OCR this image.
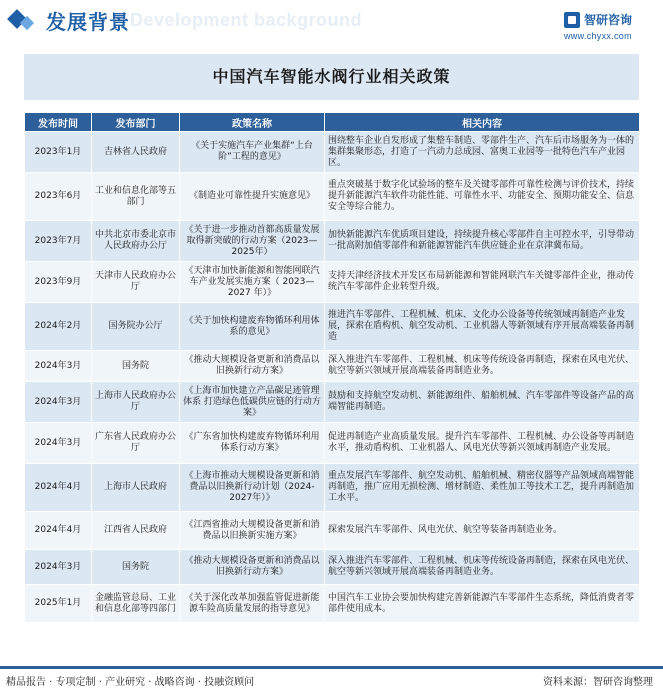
Development background
发展背景	智研咨询
www.chyxx.com
中国汽车智能水阀行业相关政策
发布时间	发布部门	政策名称	相关内容
2023年1月	吉林省人民政府	《关于实施汽车产业集群“上台阶”工程的意见》	围绕整车企业自发形成了集整车制造、零部件生产、汽车后市场服务为一体的集群集聚形态，打造了一汽动力总成园、富奥工业园等一批特色汽车产业园区。
2023年6月	工业和信息化部等五部门	《制造业可靠性提升实施意见》	重点突破基于数字化试验场的整车及关键零部件可靠性检测与评价技术，持续提升新能源汽车软件功能性能、可靠性水平、功能安全、预期功能安全、信息安全等综合能力。
2023年7月	中共北京市委北京市人民政府办公厅	《关于进一步推动首都高质量发展取得新突破的行动方案（2023—2025年）	加快新能源汽车优质项目建设，持续提升核心零部件自主可控水平，引导带动一批高附加值零部件和新能源智能汽车供应链企业在京津冀布局。
2023年9月	天津市人民政府办公厅	《天津市加快新能源和智能网联汽车产业发展实施方案（ 2023—2027 年）》	支持天津经济技术开发区布局新能源和智能网联汽车关键零部件企业，推动传统汽车零部件企业转型升级。
2024年2月	国务院办公厅	《关于加快构建废弃物循环利用体系的意见》	推进汽车零部件、工程机械、机床、文化办公设备等传统领域再制造产业发展，探索在盾构机、航空发动机、工业机器人等新领域有序开展高端装备再制造
2024年3月	国务院	《推动大规模设备更新和消费品以旧换新行动方案》	深入推进汽车零部件、工程机械、机床等传统设备再制造，探索在风电光伏、航空等新兴领域开展高端装备再制造业务。
2024年3月	上海市人民政府办公厅	《上海市加快建立产品碳足迹管理体系 打造绿色低碳供应链的行动方案》	鼓励和支持航空发动机、新能源组件、船舶机械、汽车零部件等设备产品的高端智能再制造。
2024年3月	广东省人民政府办公厅	《广东省加快构建废弃物循环利用体系行动方案》	促进再制造产业高质量发展。提升汽车零部件、工程机械、办公设备等再制造水平，推动盾构机、工业机器人、风电光伏等新兴领域再制造产业发展。
2024年4月	上海市人民政府	《上海市推动大规模设备更新和消费品以旧换新行动计划（2024-2027年）》	重点发展汽车零部件、航空发动机、船舶机械、精密仪器等产品领域高端智能再制造，推广应用无损检测、增材制造、柔性加工等技术工艺，提升再制造加工水平。
2024年4月	江西省人民政府	《江西省推动大规模设备更新和消费品以旧换新实施方案》	探索发展汽车零部件、风电光伏、航空等装备再制造业务。
2024年3月	国务院	《推动大规模设备更新和消费品以旧换新行动方案》	深入推进汽车零部件、工程机械、机床等传统设备再制造，探索在风电光伏、航空等新兴领域开展高端装备再制造业务。
2025年1月	金融监管总局、工业和信息化部等四部门	《关于深化改革加强监管促进新能源车险高质量发展的指导意见》	中国汽车工业协会要加快构建完善新能源汽车零部件生态系统，降低消费者零部件使用成本。
精品报告 · 专项定制 · 产业研究 · 战略咨询 · 投融资顾问	资料来源：智研咨询整理
